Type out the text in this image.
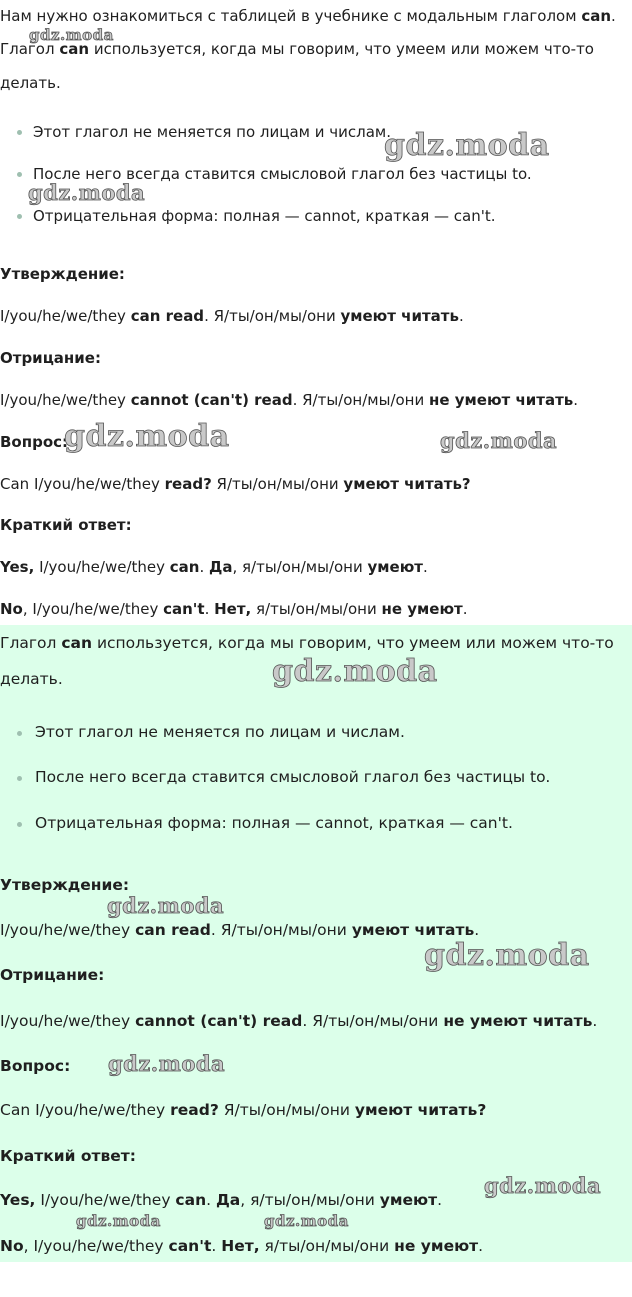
Нам нужно ознакомиться с таблицей в учебнике с модальным глаголом can.
Глагол can используется, когда мы говорим, что умеем или можем что-то
делать.
Этот глагол не меняется по лицам и числам.
После него всегда ставится смысловой глагол без частицы to.
Отрицательная форма: полная — cannot, краткая — can't.
Утверждение:
I/you/he/we/they can read. Я/ты/он/мы/они умеют читать.
Отрицание:
I/you/he/we/they cannot (can't) read. Я/ты/он/мы/они не умеют читать.
Вопрос:
Can I/you/he/we/they read? Я/ты/он/мы/они умеют читать?
Краткий ответ:
Yes, I/you/he/we/they can. Да, я/ты/он/мы/они умеют.
No, I/you/he/we/they can't. Нет, я/ты/он/мы/они не умеют.
Глагол can используется, когда мы говорим, что умеем или можем что-то
делать.
Этот глагол не меняется по лицам и числам.
После него всегда ставится смысловой глагол без частицы to.
Отрицательная форма: полная — cannot, краткая — can't.
Утверждение:
I/you/he/we/they can read. Я/ты/он/мы/они умеют читать.
Отрицание:
I/you/he/we/they cannot (can't) read. Я/ты/он/мы/они не умеют читать.
Вопрос:
Can I/you/he/we/they read? Я/ты/он/мы/они умеют читать?
Краткий ответ:
Yes, I/you/he/we/they can. Да, я/ты/он/мы/они умеют.
No, I/you/he/we/they can't. Нет, я/ты/он/мы/они не умеют.
gdz.moda
gdz.moda
gdz.moda
gdz.moda	gdz.moda
gdz.moda
gdz.moda
gdz.moda
gdz.moda
gdz.moda
gdz.moda	gdz.moda
